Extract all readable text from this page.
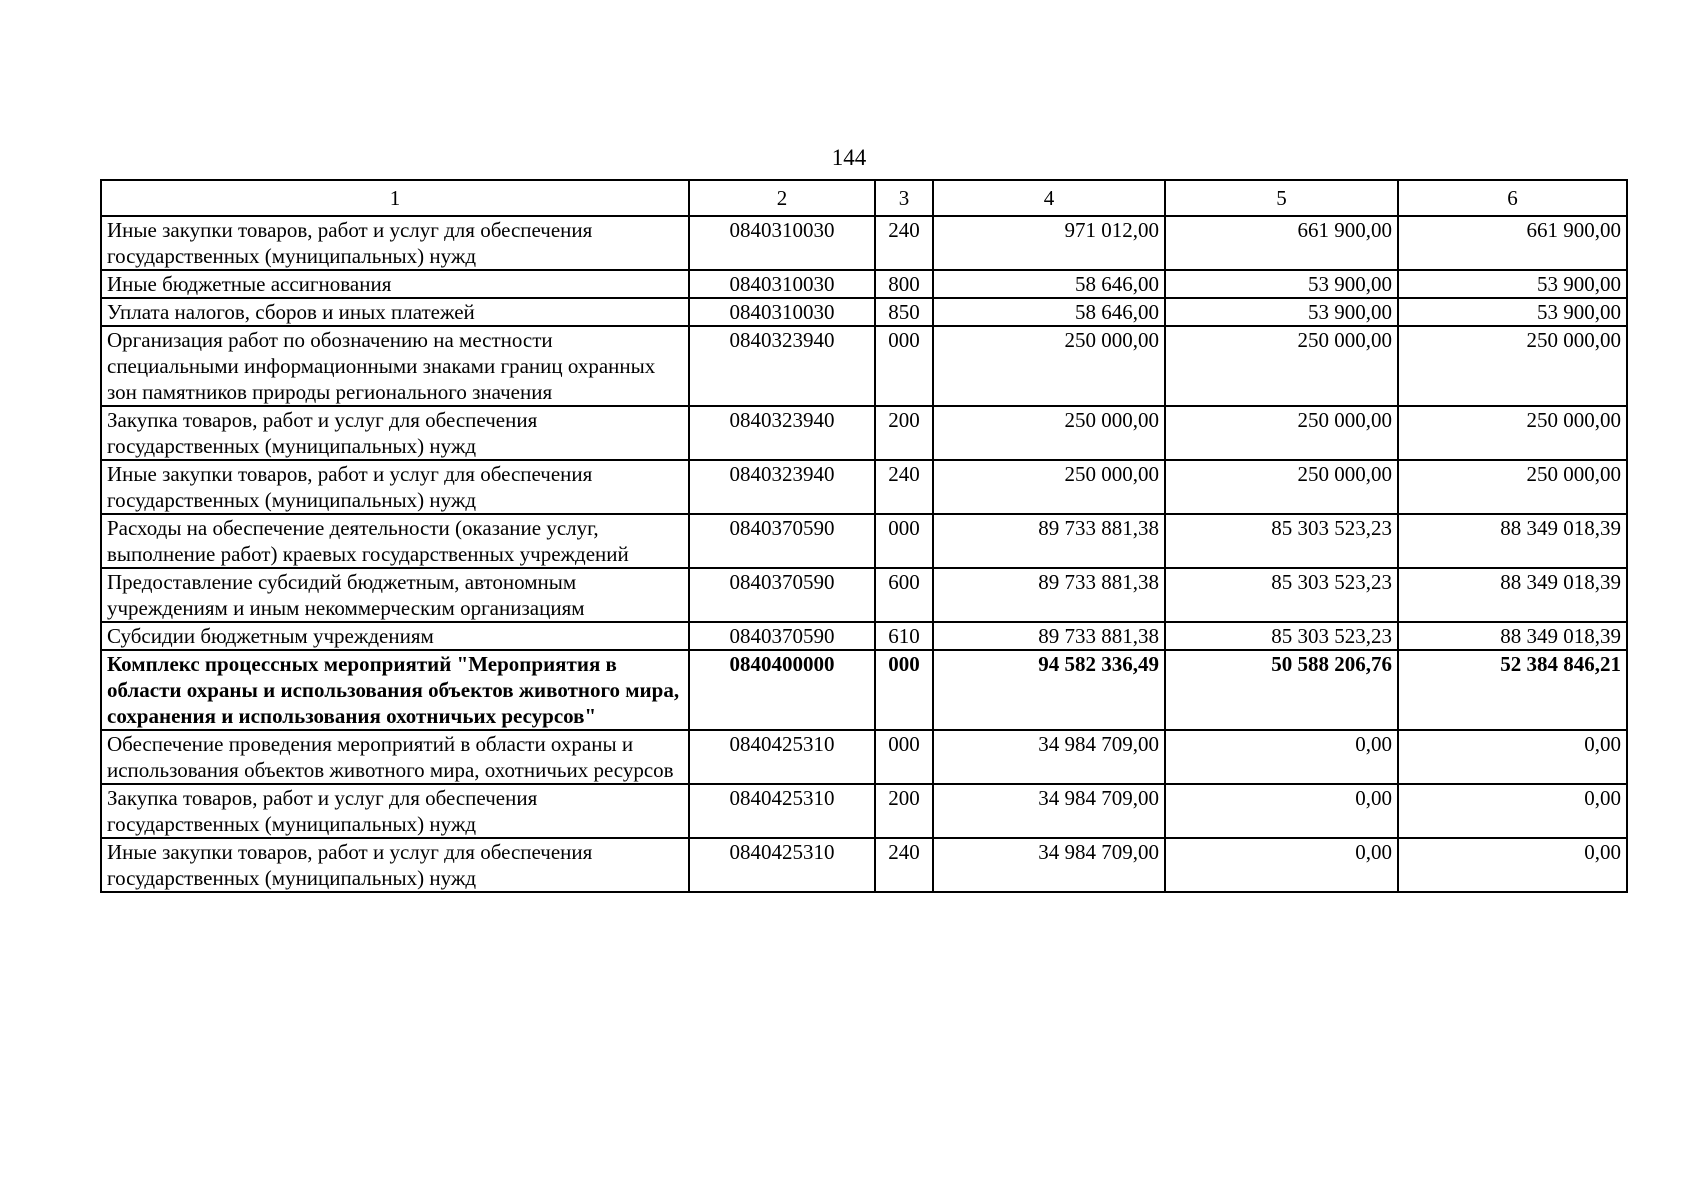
144
1	2	3	4	5	6
Иные закупки товаров, работ и услуг для обеспечения государственных (муниципальных) нужд	0840310030	240	971 012,00	661 900,00	661 900,00
Иные бюджетные ассигнования	0840310030	800	58 646,00	53 900,00	53 900,00
Уплата налогов, сборов и иных платежей	0840310030	850	58 646,00	53 900,00	53 900,00
Организация работ по обозначению на местности специальными информационными знаками границ охранных зон памятников природы регионального значения	0840323940	000	250 000,00	250 000,00	250 000,00
Закупка товаров, работ и услуг для обеспечения государственных (муниципальных) нужд	0840323940	200	250 000,00	250 000,00	250 000,00
Иные закупки товаров, работ и услуг для обеспечения государственных (муниципальных) нужд	0840323940	240	250 000,00	250 000,00	250 000,00
Расходы на обеспечение деятельности (оказание услуг, выполнение работ) краевых государственных учреждений	0840370590	000	89 733 881,38	85 303 523,23	88 349 018,39
Предоставление субсидий бюджетным, автономным учреждениям и иным некоммерческим организациям	0840370590	600	89 733 881,38	85 303 523,23	88 349 018,39
Субсидии бюджетным учреждениям	0840370590	610	89 733 881,38	85 303 523,23	88 349 018,39
Комплекс процессных мероприятий "Мероприятия в области охраны и использования объектов животного мира, сохранения и использования охотничьих ресурсов"	0840400000	000	94 582 336,49	50 588 206,76	52 384 846,21
Обеспечение проведения мероприятий в области охраны и использования объектов животного мира, охотничьих ресурсов	0840425310	000	34 984 709,00	0,00	0,00
Закупка товаров, работ и услуг для обеспечения государственных (муниципальных) нужд	0840425310	200	34 984 709,00	0,00	0,00
Иные закупки товаров, работ и услуг для обеспечения государственных (муниципальных) нужд	0840425310	240	34 984 709,00	0,00	0,00
